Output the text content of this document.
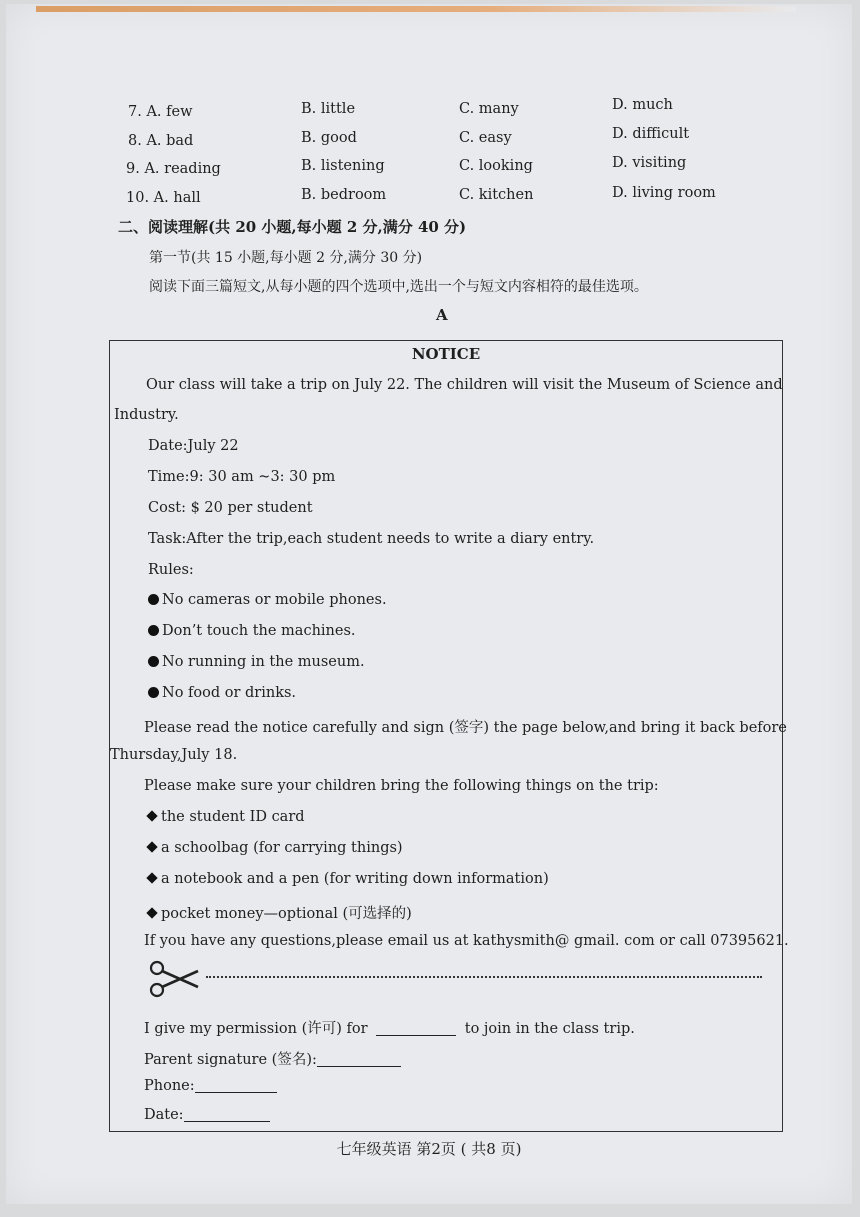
7. A. few	B. little	C. many	D. much
8. A. bad	B. good	C. easy	D. difficult
9. A. reading	B. listening	C. looking	D. visiting
10. A. hall	B. bedroom	C. kitchen	D. living room
二、阅读理解(共 20 小题,每小题 2 分,满分 40 分)
第一节(共 15 小题,每小题 2 分,满分 30 分)
阅读下面三篇短文,从每小题的四个选项中,选出一个与短文内容相符的最佳选项。
A
NOTICE
Our class will take a trip on July 22. The children will visit the Museum of Science and
Industry.
Date:July 22
Time:9: 30 am ~3: 30 pm
Cost: $ 20 per student
Task:After the trip,each student needs to write a diary entry.
Rules:
No cameras or mobile phones.
Don’t touch the machines.
No running in the museum.
No food or drinks.
Please read the notice carefully and sign (签字) the page below,and bring it back before
Thursday,July 18.
Please make sure your children bring the following things on the trip:
the student ID card
a schoolbag (for carrying things)
a notebook and a pen (for writing down information)
pocket money—optional (可选择的)
If you have any questions,please email us at kathysmith@ gmail. com or call 07395621.
I give my permission (许可) for	to join in the class trip.
Parent signature (签名):
Phone:
Date:
七年级英语 第2页 ( 共8 页)
